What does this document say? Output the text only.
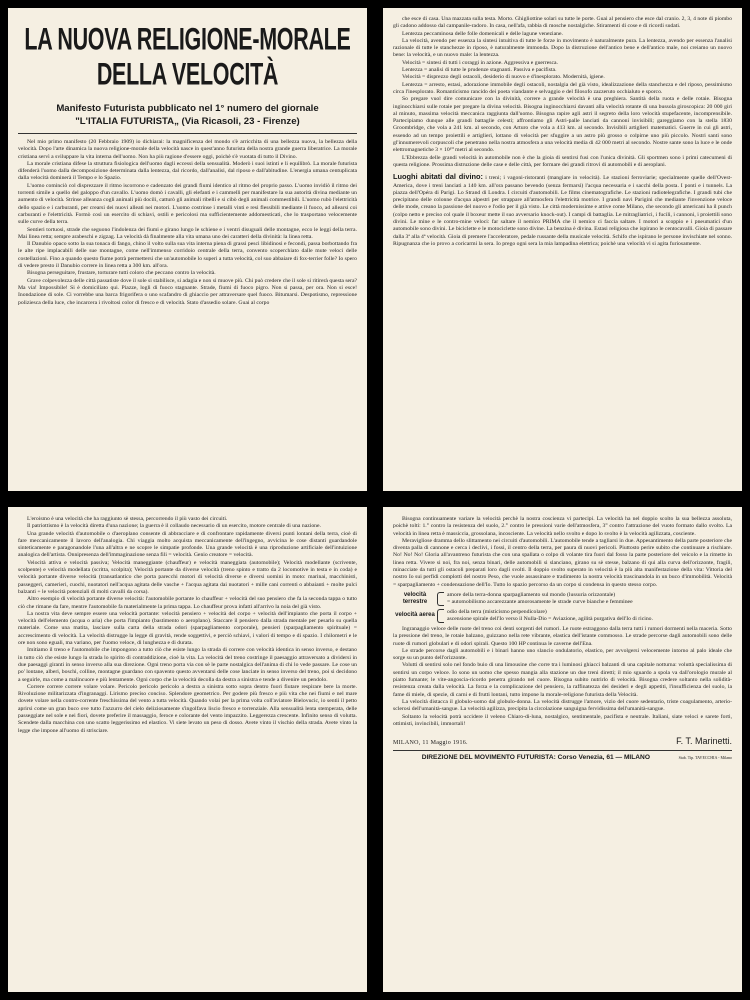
LA NUOVA RELIGIONE-MORALE
DELLA VELOCITÀ
Manifesto Futurista pubblicato nel 1° numero del giornale
"L'ITALIA FUTURISTA„ (Via Ricasoli, 23 - Firenze)

Nel mio primo manifesto (20 Febbraio 1909) io dichiarai: la magnificenza del mondo s'è arricchita di una bellezza nuova, la bellezza della velocità. Dopo l'arte dinamica la nuova religione-morale della velocità nasce in quest'anno futurista della nostra grande guerra liberatrice. La morale cristiana servì a sviluppare la vita interna dell'uomo. Non ha più ragione d'essere oggi, poichè s'è vuotata di tutto il Divino.

La morale cristiana difese la struttura fisiologica dell'uomo dagli eccessi della sensualità. Moderò i suoi istinti e li equilibrò. La morale futurista difenderà l'uomo dalla decomposizione determinata dalla lentezza, dal ricordo, dall'analisi, dal riposo e dall'abitudine. L'energia umana centuplicata dalla velocità dominerà il Tempo e lo Spazio.

L'uomo cominciò col disprezzare il ritmo iscorrono e cadenzato dei grandi fiumi identico al ritmo del proprio passo. L'uomo invidiò il ritmo dei torrenti simile a quello del galoppo d'un cavallo. L'uomo domò i cavalli, gli elefanti e i cammelli per manifestare la sua autorità divina mediante un aumento di velocità. Strinse alleanza cogli animali più docili, catturò gli animali ribelli e si cibò degli animali commestibili. L'uomo rubò l'elettricità dello spazio e i carburanti, per crearsi dei nuovi alleati nei motori. L'uomo costrinse i metalli vinti e resi flessibili mediante il fuoco, ad allearsi coi carburanti e l'elettricità. Formò così un esercito di schiavi, ostili e pericolosi ma sufficientemente addomesticati, che lo trasportano velocemente sulle curve della terra.

Sentieri tortuosi, strade che seguono l'indolenza dei fiumi e girano lungo le schiene e i ventri disuguali delle montagne, ecco le leggi della terra. Mai linea retta; sempre arabeschi e zigzag. La velocità dà finalmente alla vita umana uno dei caratteri della divinità: la linea retta.

Il Danubio opaco sotto la sua tonaca di fango, chino il volto sulla sua vita interna piena di grassi pesci libidinosi e fecondi, passa borbottando fra le alte ripe implacabili delle sue montagne, come nell'immenso corridoio centrale della terra, convento scoperchiato dalle mute veloci delle costellazioni. Fino a quando questo fiume potrà permettersi che un'automobile lo superi a tutta velocità, col suo abbaiare di fox-terrier folle? Io spero di vedere presto il Danubio correre in linea retta a 300 km. all'ora.

Bisogna perseguitare, frustare, torturare tutti coloro che peccano contro la velocità.

Grave colpevolezza delle città passatiste dove il sole si stabilisce, si adagia e non si muove più. Chi può credere che il sole si ritirerà questa sera? Ma via! Impossibile! Si è domiciliato qui. Piazze, logli di fuoco stagnante. Strade, fiumi di fuoco pigro. Non si passa, per ora. Non si esce! Inondazione di sole. Ci vorrebbe una barca frigorifera o uno scafandro di ghiaccio per attraversare quel fuoco. Bitumarsi. Despotismo, repressione poliziesca della luce, che incarcera i rivoltosi color di fresco e di velocità. Stato d'assedio solare. Guai al corpo

che esce di casa. Una mazzata sulla testa. Morto. Ghigliottine solari su tutte le porte. Guai al pensiero che esce dal cranio. 2, 3, 4 note di piombo gli cadono addosso dal campanile-radoro. In casa, nell'afa, rabbia di mosche nostalgiche. Stiramenti di cose e di ricordi sudati.

Lentezza peccaminosa delle folle domenicali e delle lagune veneziane.

La velocità, avendo per essenza la sintesi intuitiva di tutte le forze in movimento è naturalmente pura. La lentezza, avendo per essenza l'analisi razionale di tutte le stanchezze in riposo, è naturalmente immonda. Dopo la distruzione dell'antico bene e dell'antico male, noi creiamo un nuovo bene: la velocità, e un nuovo male: la lentezza.

Velocità = sintesi di tutti i coraggi in azione. Aggressiva e guerresca.

Lentezza = analisi di tutte le prudenze stagnanti. Passiva e pacifista.

Velocità = disprezzo degli ostacoli, desiderio di nuovo e d'inesplorato. Modernità, igiene.

Lentezza = arresto, estasi, adorazione immobile degli ostacoli, nostalgia del già visto, idealizzazione della stanchezza e del riposo, pessimismo circa l'inesplorato. Romanticismo rancido dei poeta viandante e selvaggio e del filosofo zazzeruto occhialuto e sporco.

So pregare vuol dire comunicare con la divinità, correre a grande velocità è una preghiera. Santità della ruota e delle rotaie. Bisogna inginocchiarsi sulle rotaie per pregare la divina velocità. Bisogna inginocchiarsi davanti alla velocità rotante di una bussola giroscopica: 20 000 giri al minuto, massima velocità meccanica raggiunta dall'uomo. Bisogna rapire agli astri il segreto della loro velocità stupefacente, incomprensibile. Partecipiamo dunque alle grandi battaglie celesti; affrontiamo gli Astri-palle lanciati da cannoni invisibili; gareggiamo con la stella 1830 Groombridge, che vola a 241 km. al secondo, con Arturo che vola a 413 km. al secondo. Invisibili artiglieri matematici. Guerre in cui gli astri, essendo ad un tempo proiettili e artiglieri, lottano di velocità per sfuggire a un astro più grosso o colpirne uno più piccolo. Nostri santi sono gl'innumerevoli corpuscoli che penetrano nella nostra atmosfera a una velocità media di 42 000 metri al secondo. Nostre sante sono la luce e le onde elettromagnetiche 3 × 10¹⁰ metri al secondo.

L'Ebbrezza delle grandi velocità in automobile non è che la gioia di sentirsi fusi con l'unica divinità. Gli sportmen sono i primi catecumeni di questa religione. Prossima distruzione delle case e delle città, per formare dei grandi ritrovi di automobili e di aeroplani.

Luoghi abitati dal divino: i treni; i vagoni-ristoranti (mangiare in velocità). Le stazioni ferroviarie; specialmente quelle dell'Ovest-America, dove i treni lanciati a 140 km. all'ora passano bevendo (senza fermarsi) l'acqua necessaria e i sacchi della posta. I ponti e i tunnels. La piazza dell'Opéra di Parigi. Lo Strand di Londra. I circuiti d'automobili. Le films cinematografiche. Le stazioni radiotelegrafiche. I grandi tubi che precipitano delle colonne d'acqua alpestri per strappare all'atmosfera l'elettricità motrice. I grandi navi Parigini che mediante l'invenzione veloce delle mode, creano la passione del nuovo e l'odio per il già visto. Le città modernissime e attive come Milano, che secondo gli americani ha il punch (colpo netto e preciso col quale il boxeur mette il suo avversario knock-out). I campi di battaglia. Le mitragliatrici, i fucili, i cannoni, i proiettili sono divini. Le mine e le contro-mine veloci: far saltare il nemico PRIMA che il nemico ci faccia saltare. I motori a scoppio e i pneumatici d'un automobile sono divini. Le biciclette e le motociclette sono divine. La benzina è divina. Estasi religiosa che ispirano le centocavalli. Gioia di passare dalla 3ª alla 4ª velocità. Gioia di premere l'acceleratore, pedale russante della musicale velocità. Schifo che ispirano le persone invischiate nel sonno. Ripugnanza che io provo a coricarmi la sera. Io prego ogni sera la mia lampadina elettrica; poichè una velocità vi si agita furiosamente.

L'eroismo è una velocità che ha raggiunto sè stessa, percorrendo il più vasto dei circuiti.

Il patriottismo è la velocità diretta d'una nazione; la guerra è il collaudo necessario di un esercito, motore centrale di una nazione.

Una grande velocità d'automobile o d'aeroplano consente di abbracciare e di confrontare rapidamente diversi punti lontani della terra, cioè di fare meccanicamente il lavoro dell'analogia. Chi viaggia molto acquista meccanicamente dell'ingegno, avvicina le cose distanti guardandole sinteticamente e paragonandole l'una all'altra e ne scopre le simpatie profonde. Una grande velocità è una riproduzione artificiale dell'intuizione analogica dell'artista. Onnipresenza dell'immaginazione senza fili = velocità. Genio creatore = velocità.

Velocità attiva e velocità passiva; Velocità maneggiante (chauffeur) e velocità maneggiata (automobile); Velocità modellante (scrivente, scolpente) e velocità modellata (scritta, scolpita); Velocità portante da diverse velocità (treno spinto e tratto da 2 locomotive in testa e in coda) e velocità portante diverse velocità (transatlantico che porta parecchi motori di velocità diverse e diversi uomini in moto: marinai, macchinisti, passeggeri, camerieri, cuochi, nuotatori nell'acqua agitata delle vasche + l'acqua agitata dai nuotatori + mille cani correnti o abbaianti + molte pulci balzanti + le velocità potenziali di molti cavalli da corsa).

Altro esempio di velocità portante diverse velocità: l'automobile portante lo chauffeur + velocità del suo pensiero che fa la seconda tappa o tutto ciò che rimane da fare, mentre l'automobile fa materialmente la prima tappa. Lo chauffeur prova infatti all'arrivo la noia del già visto.

La nostra vita deve sempre essere una velocità portante: velocità pensiero + velocità del corpo + velocità dell'impianto che porta il corpo + velocità dell'elemento (acqua o aria) che porta l'impianto (bastimento o aeroplano). Staccare il pensiero dalla strada mentale per pesarlo su quella materiale. Come una matita, lasciare sulla carta della strada odori (sparpagliamento corporale), pensieri (sparpagliamento spirituale) = accrescimento di velocità. La velocità distrugge la legge di gravità, rende soggettivi, e perciò schiavi, i valori di tempo e di spazio. I chilometri e le ore non sono eguali, ma variano, per l'uomo veloce, di lunghezza e di durata.

Imitiamo il treno e l'automobile che impongono a tutto ciò che esiste lungo la strada di correre con velocità identica in senso inverso, e destano in tutto ciò che esiste lungo la strada lo spirito di contraddizione, cioè la vita. La velocità del treno costringe il paesaggio attraversato a dividersi in due paesaggi giranti in senso inverso alla sua direzione. Ogni treno porta via con sè le parte nostalgica dell'anima di chi lo vede passare. Le cose un po' lontane, alberi, boschi, colline, montagne guardano con spavento questo avventarsi delle cose lanciate in senso inverso del treno, poi si decidono a seguirle, ma come a malincuore e più lentamente. Ogni corpo che la velocità decolla da destra a sinistra e tende a divenire un pendolo.

Correre correre correre volare volare. Pericolo pericolo pericolo a destra a sinistra sotto sopra dentro fuori fiutare respirare bere la morte. Rivoluzione militarizzata d'ingranaggi. Lirismo preciso conciso. Splendore geometrico. Per godere più fresco e più vita che nei fiumi e nel mare dovete volare nella contro-corrente freschissima del vento a tutta velocità. Quando volai per la prima volta coll'aviatore Bielovucic, io sentii il petto aprirsi come un gran buco ove tutto l'azzurro del cielo deliziosamente s'ingolfava liscio fresco e torrenziale. Alla sensualità lenta stemperata, delle passeggiate nel sole e nei fiori, dovete preferire il massaggio, feroce e colorante del vento impazzito. Leggerezza crescente. Infinito senso di volutta. Scendete dalla macchina con uno scatto leggerissimo ed elastico. Vi siete levato un peso di dosso. Avete vinto il vischio della strada. Avete vinto la legge che impone all'uomo di strisciare.

Bisogna continuamente variare la velocità perchè la nostra coscienza vi partecipi. La velocità ha nel doppio scolto la sua bellezza assoluta, poichè tolti: 1.° contro la resistenza del suolo, 2.° contro le pressioni varie dell'atmosfera, 3° contro l'attrazione del vuoto formato dallo svolto. La velocità in linea retta è massiccia, grossolana, incosciente. La velocità nello svolto e dopo lo svolto è la velocità agilizzata, cosciente.

Meravigliose dramma dello slittamento nei circuiti d'automobili. L'automobile tende a tagliarsi in due. Appesantimento della parte posteriore che diventa palla di cannone e cerca i declivi, i fossi, il centro della terra, per paura di nuovi pericoli. Piuttosto perire subito che continuare a rischiare. No! No! No! Gloria all'avantreno futurista che con una spallata o colpo di volante tira fuori dal fosso la parte posteriore del veicolo e la rimette in linea retta. Vivere si noi, fra noi, senza binari, delle automobili si slanciano, girano su sè stesse, balzano di qui alla curva dell'orizzonte, fragili, minacciate da tutti gli ostacoli preparati loro dagli svolti. Il doppio svolto superato in velocità è la più alta manifestazione della vita: Vittoria del nostro Io sui perfidi complotti del nostro Peso, che vuole assassinare e tradimento la nostra velocità trascinandola in un buco d'immobilità. Velocità = sparpagliamento + condensazione dell'Io. Tutto lo spazio percorso da un corpo si condensa in questo stesso corpo.

velocità terrestre
amore della terra-donna sparpagliamento sul mondo (lussuria orizzontale)
= automobilismo accarezzante amorosamente le strade curve bianche e femminee
velocità aerea
odio della terra (misticismo perpendicolare)
ascensione spirale dell'Io verso il Nulla-Dio = Aviazione, agilità purgativa dell'Io di ricino.

Ingranaggio veloce delle ruote del treno coi denti sorgenti del rumori. Le ruote estraggono dalla terra tutti i rumori dormenti nella maceria. Sotto la pressione del treno, le rotaie balzano, guizzano nella rete vibrante, elastica dell'istante commosso. Le strade percorse dagli automobili sono delle ruote di rumori globulari e di odori spirali. Questo 100 HP continua le caverne dell'Ena.

Le strade percorse dagli automobili e i binari hanno uno slancio ondulatorio, elastico, per avvolgersi velocemente intorno al palo ideale che sorge su un punto dell'orizzonte.

Volutti di sentirsi solo nel fondo buio di una limousine che corre tra i luminosi ghiacci balzanti di una capitale notturna: voluttà specialissima di sentirsi un corpo veloce. Io sono un uomo che spesso mangia alla stazione un due treni diretti; il mio sguardo a spola va dall'orologio murale al piatto fumante; le vite-angoscia-ricordo penetra girando nel cuore. Bisogna subito nutrirlo di velocità. Bisogna credere soltanto nella solidità-resistenza creata dalla velocità. La forza e la complicazione del pensiero, la raffinatezza dei desideri e degli appetiti, l'insufficienza del suolo, la fame di miele, di spezie, di carni e di frutti lontani, tutto impone la morale-religione futurista della Velocità.

La velocità distacca il globulo-uomo dal globulo-donna. La velocità distrugge l'amore, vizio del cuore sedentario, triste coagulamento, arterio-sclerosi dell'umanità-sangue. La velocità agilizza, precipita la circolazione sanguigna fervidissima dell'umanità-sangue.

Soltanto la velocità potrà uccidere il veleno Chiaro-di-luna, nostalgico, sentimentale, pacifista e neutrale. Italiani, siate veloci e sarete forti, ottimisti, invincibili, immortali!

MILANO, 11 Maggio 1916.	F. T. Marinetti.
DIREZIONE DEL MOVIMENTO FUTURISTA: Corso Venezia, 61 — MILANO	Stab. Tip. TAVECCHIA - Milano
